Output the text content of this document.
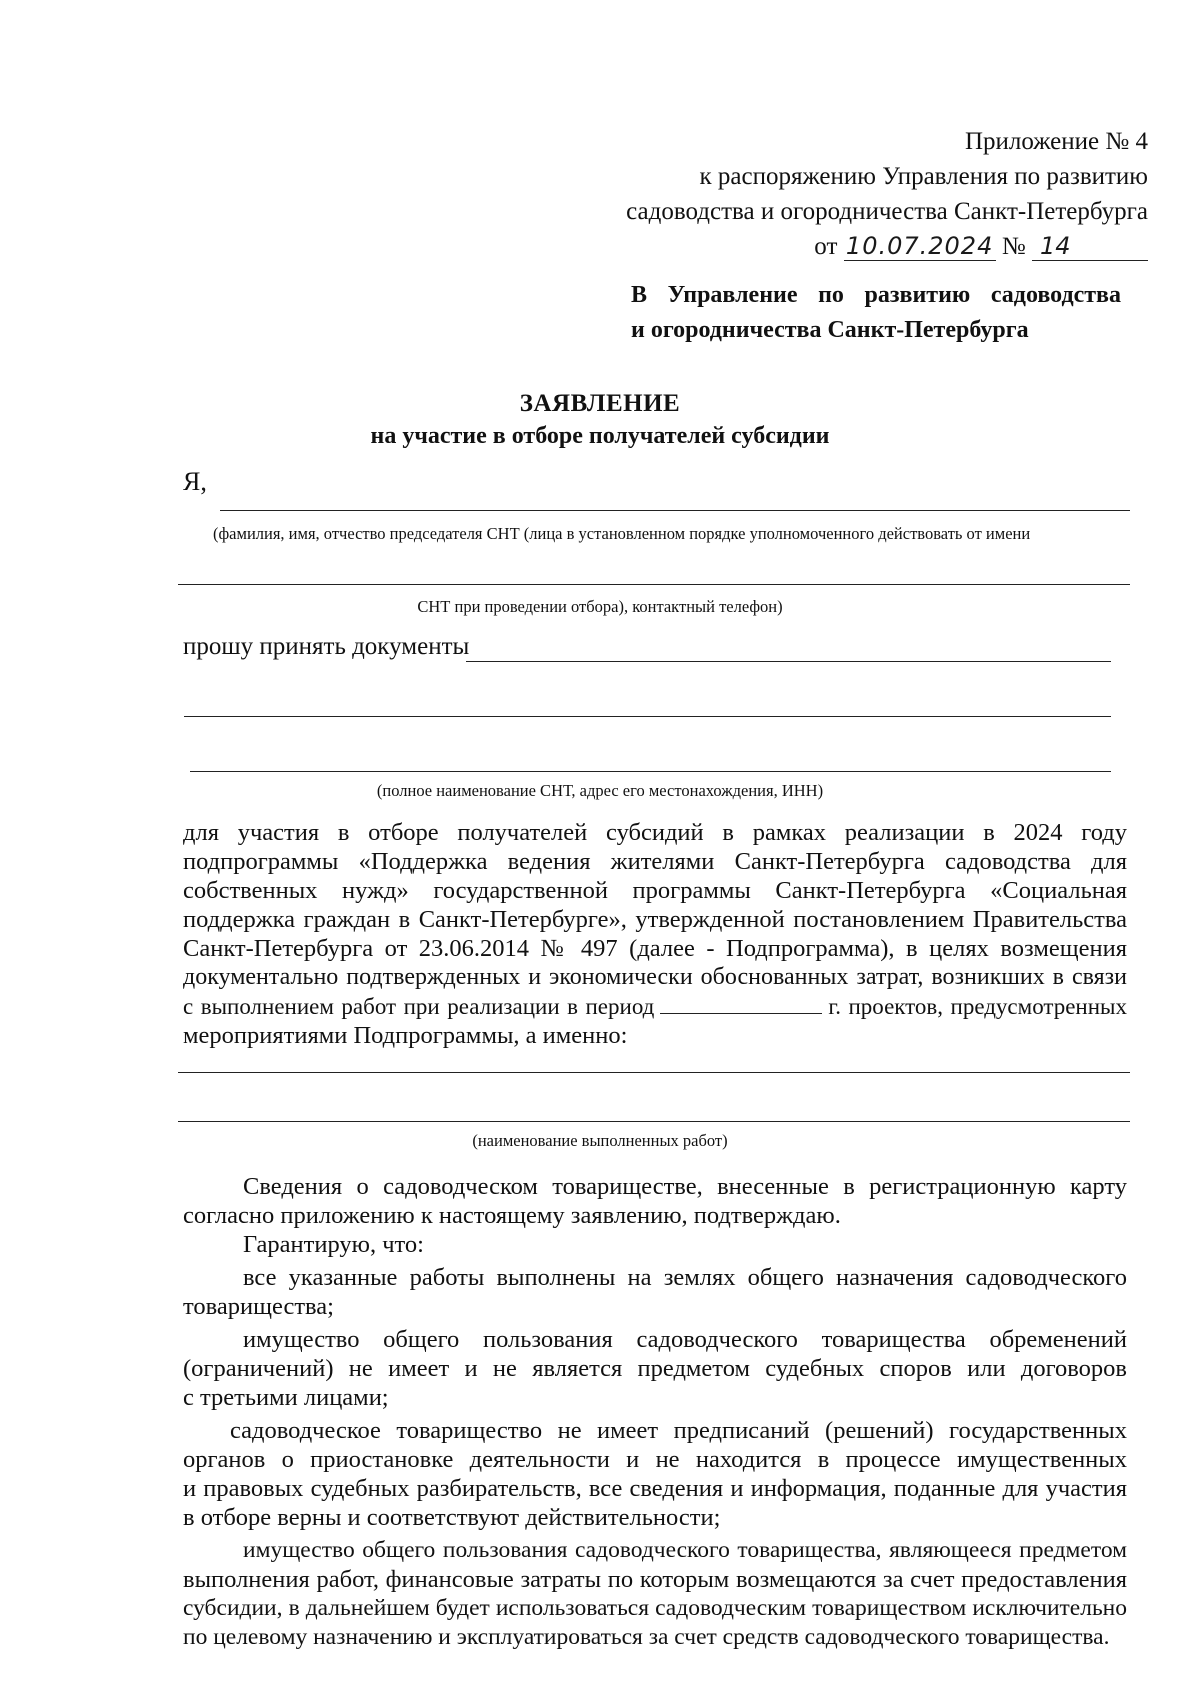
Приложение № 4
к распоряжению Управления по развитию
садоводства и огородничества Санкт-Петербурга
от 10.07.2024 № 14
В Управление по развитию садоводства
и огородничества Санкт-Петербурга
ЗАЯВЛЕНИЕ
на участие в отборе получателей субсидии
Я,
(фамилия, имя, отчество председателя СНТ (лица в установленном порядке уполномоченного действовать от имени
СНТ при проведении отбора), контактный телефон)
прошу принять документы
(полное наименование СНТ, адрес его местонахождения, ИНН)
для участия в отборе получателей субсидий в рамках реализации в 2024 году
подпрограммы «Поддержка ведения жителями Санкт-Петербурга садоводства для
собственных нужд» государственной программы Санкт-Петербурга «Социальная
поддержка граждан в Санкт-Петербурге», утвержденной постановлением Правительства
Санкт-Петербурга от 23.06.2014 № 497 (далее - Подпрограмма), в целях возмещения
документально подтвержденных и экономически обоснованных затрат, возникших в связи
с выполнением работ при реализации в период	г. проектов, предусмотренных
мероприятиями Подпрограммы, а именно:
(наименование выполненных работ)
Сведения о садоводческом товариществе, внесенные в регистрационную карту
согласно приложению к настоящему заявлению, подтверждаю.
Гарантирую, что:
все указанные работы выполнены на землях общего назначения садоводческого
товарищества;
имущество общего пользования садоводческого товарищества обременений
(ограничений) не имеет и не является предметом судебных споров или договоров
с третьими лицами;
садоводческое товарищество не имеет предписаний (решений) государственных
органов о приостановке деятельности и не находится в процессе имущественных
и правовых судебных разбирательств, все сведения и информация, поданные для участия
в отборе верны и соответствуют действительности;
имущество общего пользования садоводческого товарищества, являющееся предметом
выполнения работ, финансовые затраты по которым возмещаются за счет предоставления
субсидии, в дальнейшем будет использоваться садоводческим товариществом исключительно
по целевому назначению и эксплуатироваться за счет средств садоводческого товарищества.
